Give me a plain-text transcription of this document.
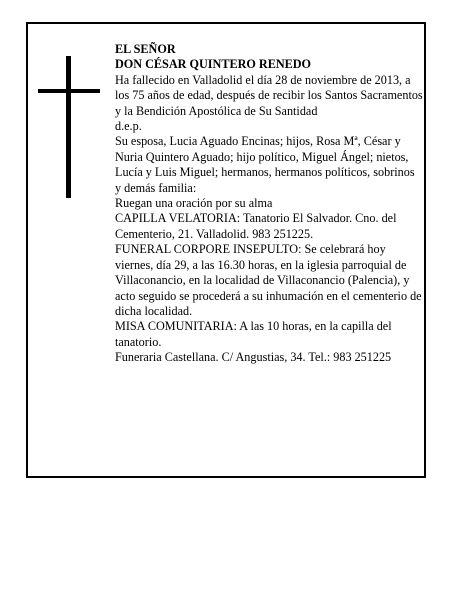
EL SEÑOR

DON CÉSAR QUINTERO RENEDO

Ha fallecido en Valladolid el día 28 de noviembre de 2013, a los 75 años de edad, después de recibir los Santos Sacramentos y la Bendición Apostólica de Su Santidad

d.e.p.

Su esposa, Lucia Aguado Encinas; hijos, Rosa Mª, César y Nuria Quintero Aguado; hijo político, Miguel Ángel; nietos, Lucía y Luis Miguel; hermanos, hermanos políticos, sobrinos y demás familia:

Ruegan una oración por su alma

CAPILLA VELATORIA: Tanatorio El Salvador. Cno. del Cementerio, 21. Valladolid. 983 251225.

FUNERAL CORPORE INSEPULTO: Se celebrará hoy viernes, día 29, a las 16.30 horas, en la iglesia parroquial de Villaconancio, en la localidad de Villaconancio (Palencia), y acto seguido se procederá a su inhumación en el cementerio de dicha localidad.

MISA COMUNITARIA: A las 10 horas, en la capilla del tanatorio.

Funeraria Castellana. C/ Angustias, 34. Tel.: 983 251225
